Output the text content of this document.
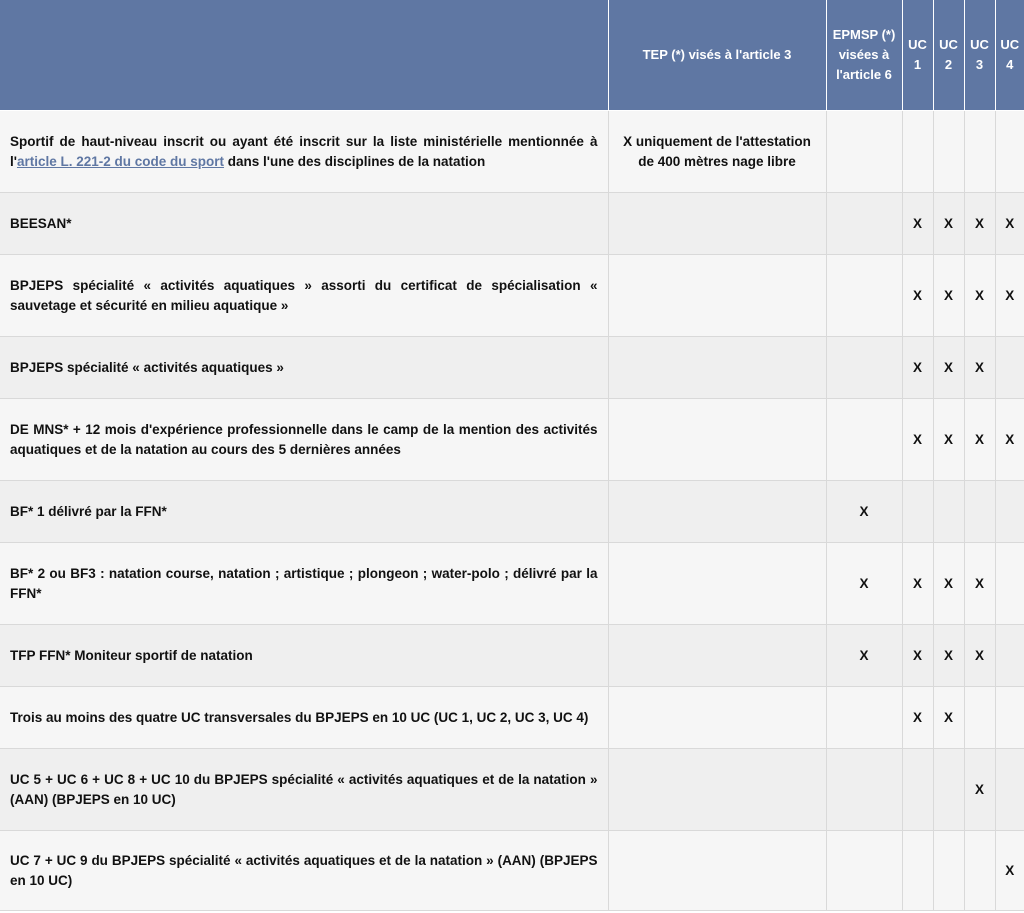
	TEP (*) visés à l'article 3	EPMSP (*) visées à l'article 6	UC 1	UC 2	UC 3	UC 4
Sportif de haut-niveau inscrit ou ayant été inscrit sur la liste ministérielle mentionnée à l'article L. 221-2 du code du sport dans l'une des disciplines de la natation	X uniquement de l'attestation de 400 mètres nage libre					
BEESAN*			X	X	X	X
BPJEPS spécialité « activités aquatiques » assorti du certificat de spécialisation « sauvetage et sécurité en milieu aquatique »			X	X	X	X
BPJEPS spécialité « activités aquatiques »			X	X	X	
DE MNS* + 12 mois d'expérience professionnelle dans le camp de la mention des activités aquatiques et de la natation au cours des 5 dernières années			X	X	X	X
BF* 1 délivré par la FFN*		X				
BF* 2 ou BF3 : natation course, natation ; artistique ; plongeon ; water-polo ; délivré par la FFN*		X	X	X	X	
TFP FFN* Moniteur sportif de natation		X	X	X	X	
Trois au moins des quatre UC transversales du BPJEPS en 10 UC (UC 1, UC 2, UC 3, UC 4)			X	X		
UC 5 + UC 6 + UC 8 + UC 10 du BPJEPS spécialité « activités aquatiques et de la natation » (AAN) (BPJEPS en 10 UC)					X	
UC 7 + UC 9 du BPJEPS spécialité « activités aquatiques et de la natation » (AAN) (BPJEPS en 10 UC)						X
